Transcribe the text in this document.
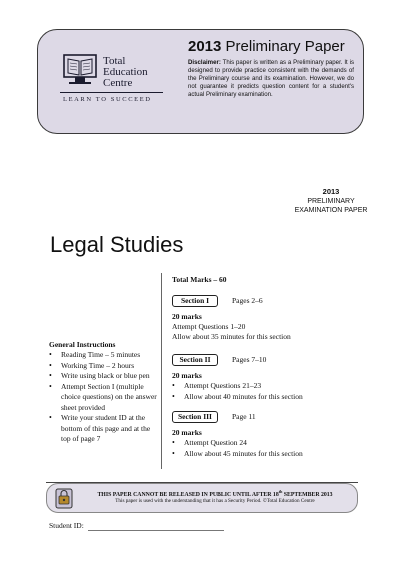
Total
Education
Centre
LEARN TO SUCCEED
2013 Preliminary Paper
Disclaimer: This paper is written as a Preliminary paper. It is designed to provide practice consistent with the demands of the Preliminary course and its examination. However, we do not guarantee it predicts question content for a student's actual Preliminary examination.
2013
PRELIMINARY
EXAMINATION PAPER
Legal Studies
Total Marks – 60
Section I	Pages 2–6
20 marks
Attempt Questions 1–20
Allow about 35 minutes for this section
Section II	Pages 7–10
20 marks
• Attempt Questions 21–23
• Allow about 40 minutes for this section
Section III	Page 11
20 marks
• Attempt Question 24
• Allow about 45 minutes for this section
General Instructions
• Reading Time – 5 minutes
• Working Time – 2 hours
• Write using black or blue pen
• Attempt Section I (multiple choice questions) on the answer sheet provided
• Write your student ID at the bottom of this page and at the top of page 7
THIS PAPER CANNOT BE RELEASED IN PUBLIC UNTIL AFTER 18th SEPTEMBER 2013
This paper is used with the understanding that it has a Security Period. ©Total Education Centre
Student ID:
